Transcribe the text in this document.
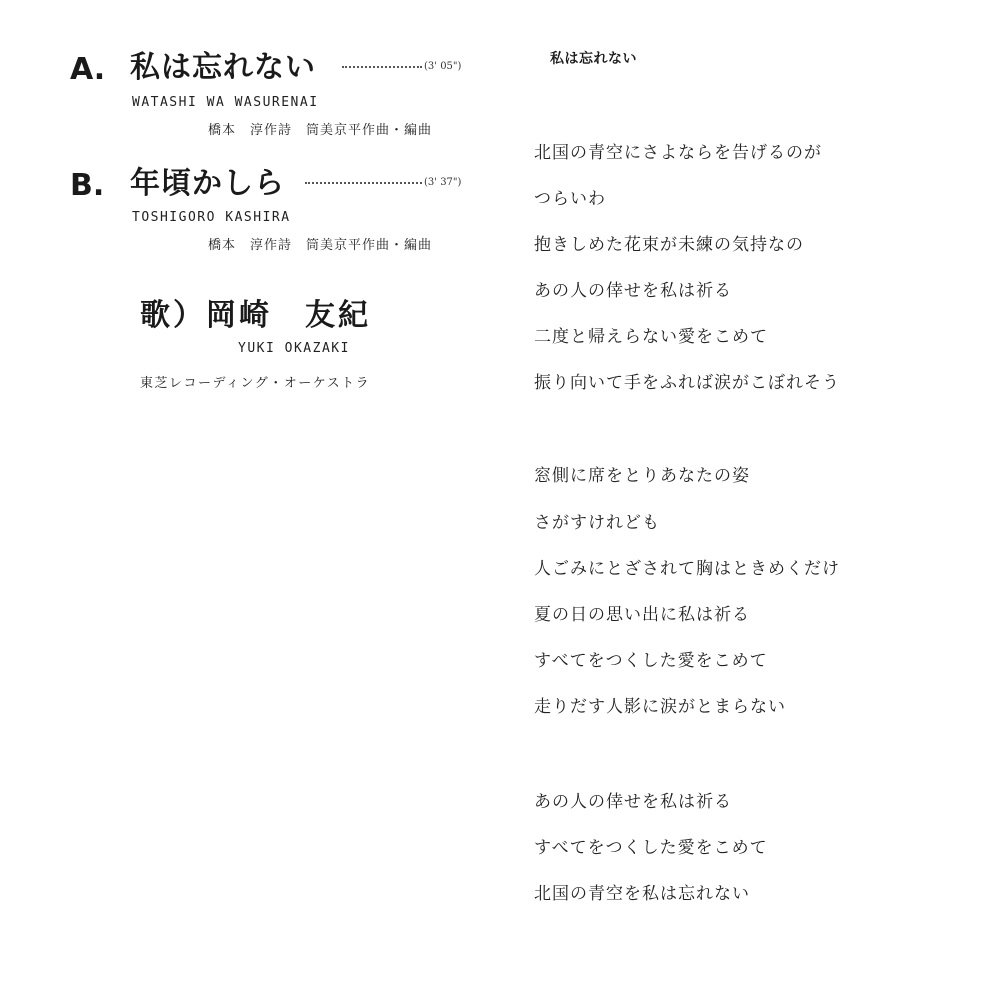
A. 私は忘れない	(3' 05")
WATASHI WA WASURENAI
橋本　淳作詩　筒美京平作曲・編曲
B. 年頃かしら	(3' 37")
TOSHIGORO KASHIRA
橋本　淳作詩　筒美京平作曲・編曲
歌）岡崎　友紀
YUKI OKAZAKI
東芝レコーディング・オーケストラ
私は忘れない
北国の青空にさよならを告げるのが
つらいわ
抱きしめた花束が未練の気持なの
あの人の倖せを私は祈る
二度と帰えらない愛をこめて
振り向いて手をふれば涙がこぼれそう
窓側に席をとりあなたの姿
さがすけれども
人ごみにとざされて胸はときめくだけ
夏の日の思い出に私は祈る
すべてをつくした愛をこめて
走りだす人影に涙がとまらない
あの人の倖せを私は祈る
すべてをつくした愛をこめて
北国の青空を私は忘れない
